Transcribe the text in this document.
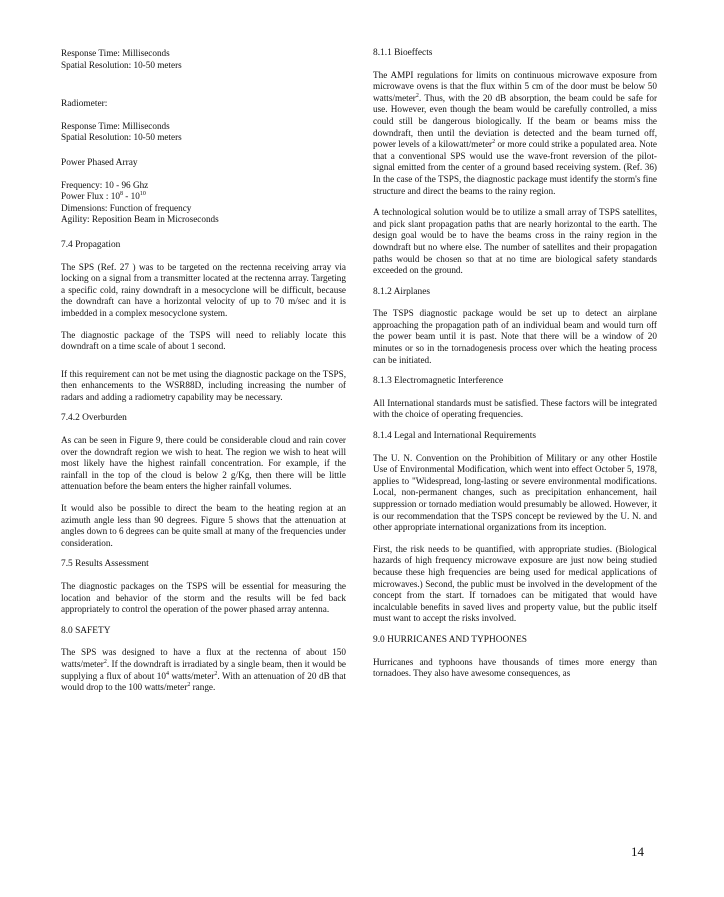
Response Time: Milliseconds
Spatial Resolution: 10-50 meters
Radiometer:
Response Time: Milliseconds
Spatial Resolution: 10-50 meters
Power Phased Array
Frequency: 10 - 96 Ghz
Power Flux : $10^8 - 10^{10}$
Dimensions: Function of frequency
Agility: Reposition Beam in Microseconds
7.4 Propagation

The SPS (Ref. 27 ) was to be targeted on the rectenna receiving array via locking on a signal from a transmitter located at the rectenna array. Targeting a specific cold, rainy downdraft in a mesocyclone will be difficult, because the downdraft can have a horizontal velocity of up to 70 m/sec and it is imbedded in a complex mesocyclone system.

The diagnostic package of the TSPS will need to reliably locate this downdraft on a time scale of about 1 second.

If this requirement can not be met using the diagnostic package on the TSPS, then enhancements to the WSR88D, including increasing the number of radars and adding a radiometry capability may be necessary.

7.4.2 Overburden

As can be seen in Figure 9, there could be considerable cloud and rain cover over the downdraft region we wish to heat. The region we wish to heat will most likely have the highest rainfall concentration. For example, if the rainfall in the top of the cloud is below 2 g/Kg, then there will be little attenuation before the beam enters the higher rainfall volumes.

It would also be possible to direct the beam to the heating region at an azimuth angle less than 90 degrees. Figure 5 shows that the attenuation at angles down to 6 degrees can be quite small at many of the frequencies under consideration.

7.5 Results Assessment

The diagnostic packages on the TSPS will be essential for measuring the location and behavior of the storm and the results will be fed back appropriately to control the operation of the power phased array antenna.

8.0 SAFETY

The SPS was designed to have a flux at the rectenna of about 150 watts/meter$^2$. If the downdraft is irradiated by a single beam, then it would be supplying a flux of about $10^4$ watts/meter$^2$. With an attenuation of 20 dB that would drop to the 100 watts/meter$^2$ range.

8.1.1 Bioeffects

The AMPI regulations for limits on continuous microwave exposure from microwave ovens is that the flux within 5 cm of the door must be below 50 watts/meter$^2$. Thus, with the 20 dB absorption, the beam could be safe for use. However, even though the beam would be carefully controlled, a miss could still be dangerous biologically. If the beam or beams miss the downdraft, then until the deviation is detected and the beam turned off, power levels of a kilowatt/meter$^2$ or more could strike a populated area. Note that a conventional SPS would use the wave-front reversion of the pilot-signal emitted from the center of a ground based receiving system. (Ref. 36) In the case of the TSPS, the diagnostic package must identify the storm's fine structure and direct the beams to the rainy region.

A technological solution would be to utilize a small array of TSPS satellites, and pick slant propagation paths that are nearly horizontal to the earth. The design goal would be to have the beams cross in the rainy region in the downdraft but no where else. The number of satellites and their propagation paths would be chosen so that at no time are biological safety standards exceeded on the ground.

8.1.2 Airplanes

The TSPS diagnostic package would be set up to detect an airplane approaching the propagation path of an individual beam and would turn off the power beam until it is past. Note that there will be a window of 20 minutes or so in the tornadogenesis process over which the heating process can be initiated.

8.1.3 Electromagnetic Interference

All International standards must be satisfied. These factors will be integrated with the choice of operating frequencies.

8.1.4 Legal and International Requirements

The U. N. Convention on the Prohibition of Military or any other Hostile Use of Environmental Modification, which went into effect October 5, 1978, applies to "Widespread, long-lasting or severe environmental modifications. Local, non-permanent changes, such as precipitation enhancement, hail suppression or tornado mediation would presumably be allowed. However, it is our recommendation that the TSPS concept be reviewed by the U. N. and other appropriate international organizations from its inception.

First, the risk needs to be quantified, with appropriate studies. (Biological hazards of high frequency microwave exposure are just now being studied because these high frequencies are being used for medical applications of microwaves.) Second, the public must be involved in the development of the concept from the start. If tornadoes can be mitigated that would have incalculable benefits in saved lives and property value, but the public itself must want to accept the risks involved.

9.0 HURRICANES AND TYPHOONES

Hurricanes and typhoons have thousands of times more energy than tornadoes. They also have awesome consequences, as

14
